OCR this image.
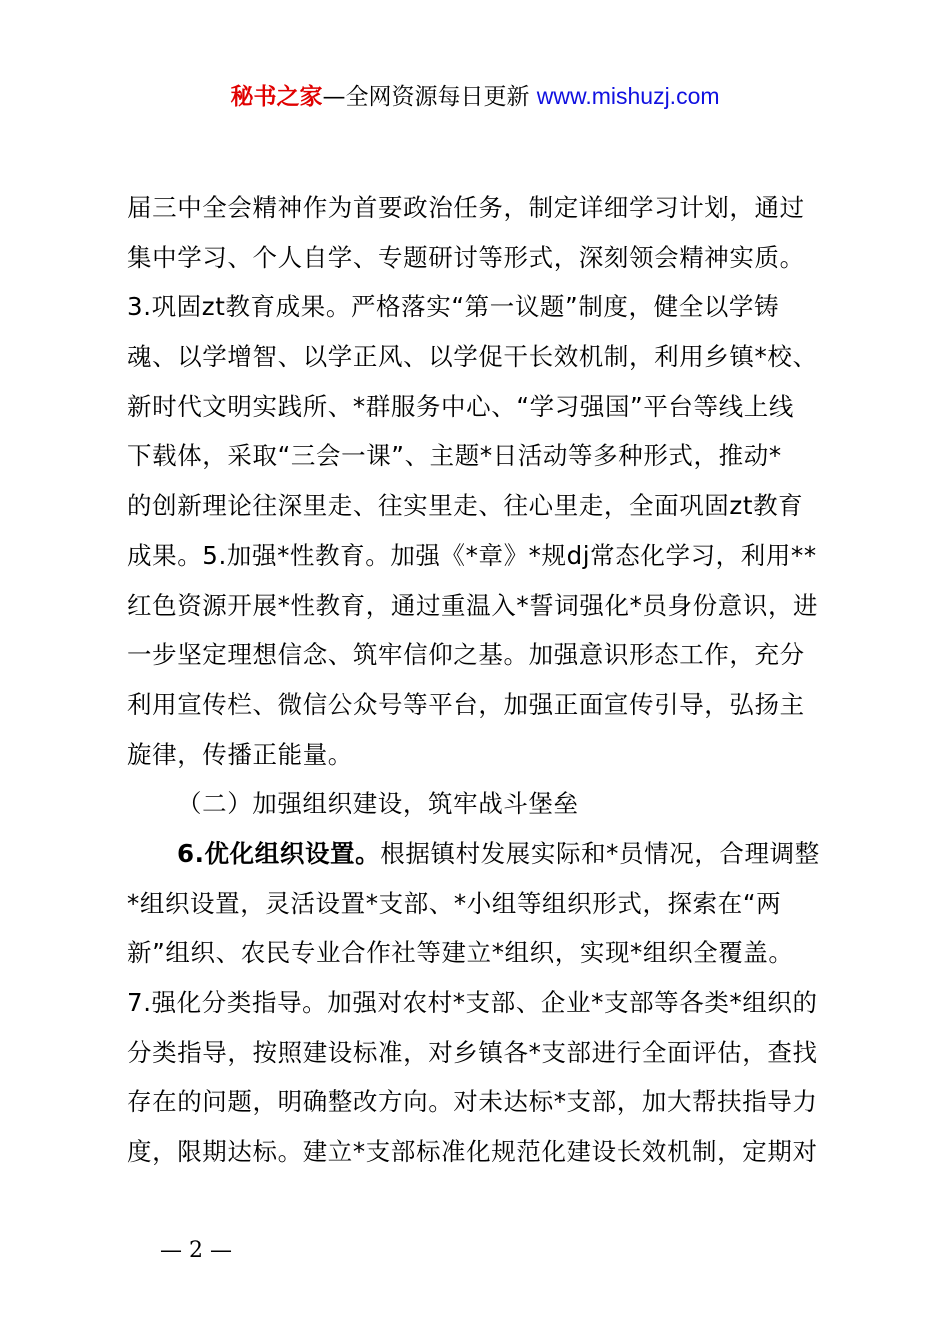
秘书之家—全网资源每日更新 www.mishuzj.com
届三中全会精神作为首要政治任务，制定详细学习计划，通过
集中学习、个人自学、专题研讨等形式，深刻领会精神实质。
3.巩固zt教育成果。严格落实“第一议题”制度，健全以学铸
魂、以学增智、以学正风、以学促干长效机制，利用乡镇*校、
新时代文明实践所、*群服务中心、“学习强国”平台等线上线
下载体，采取“三会一课”、主题*日活动等多种形式，推动*
的创新理论往深里走、往实里走、往心里走，全面巩固zt教育
成果。5.加强*性教育。加强《*章》*规dj常态化学习，利用**
红色资源开展*性教育，通过重温入*誓词强化*员身份意识，进
一步坚定理想信念、筑牢信仰之基。加强意识形态工作，充分
利用宣传栏、微信公众号等平台，加强正面宣传引导，弘扬主
旋律，传播正能量。
（二）加强组织建设，筑牢战斗堡垒
6.优化组织设置。根据镇村发展实际和*员情况，合理调整
*组织设置，灵活设置*支部、*小组等组织形式，探索在“两
新”组织、农民专业合作社等建立*组织，实现*组织全覆盖。
7.强化分类指导。加强对农村*支部、企业*支部等各类*组织的
分类指导，按照建设标准，对乡镇各*支部进行全面评估，查找
存在的问题，明确整改方向。对未达标*支部，加大帮扶指导力
度，限期达标。建立*支部标准化规范化建设长效机制，定期对
— 2 —
